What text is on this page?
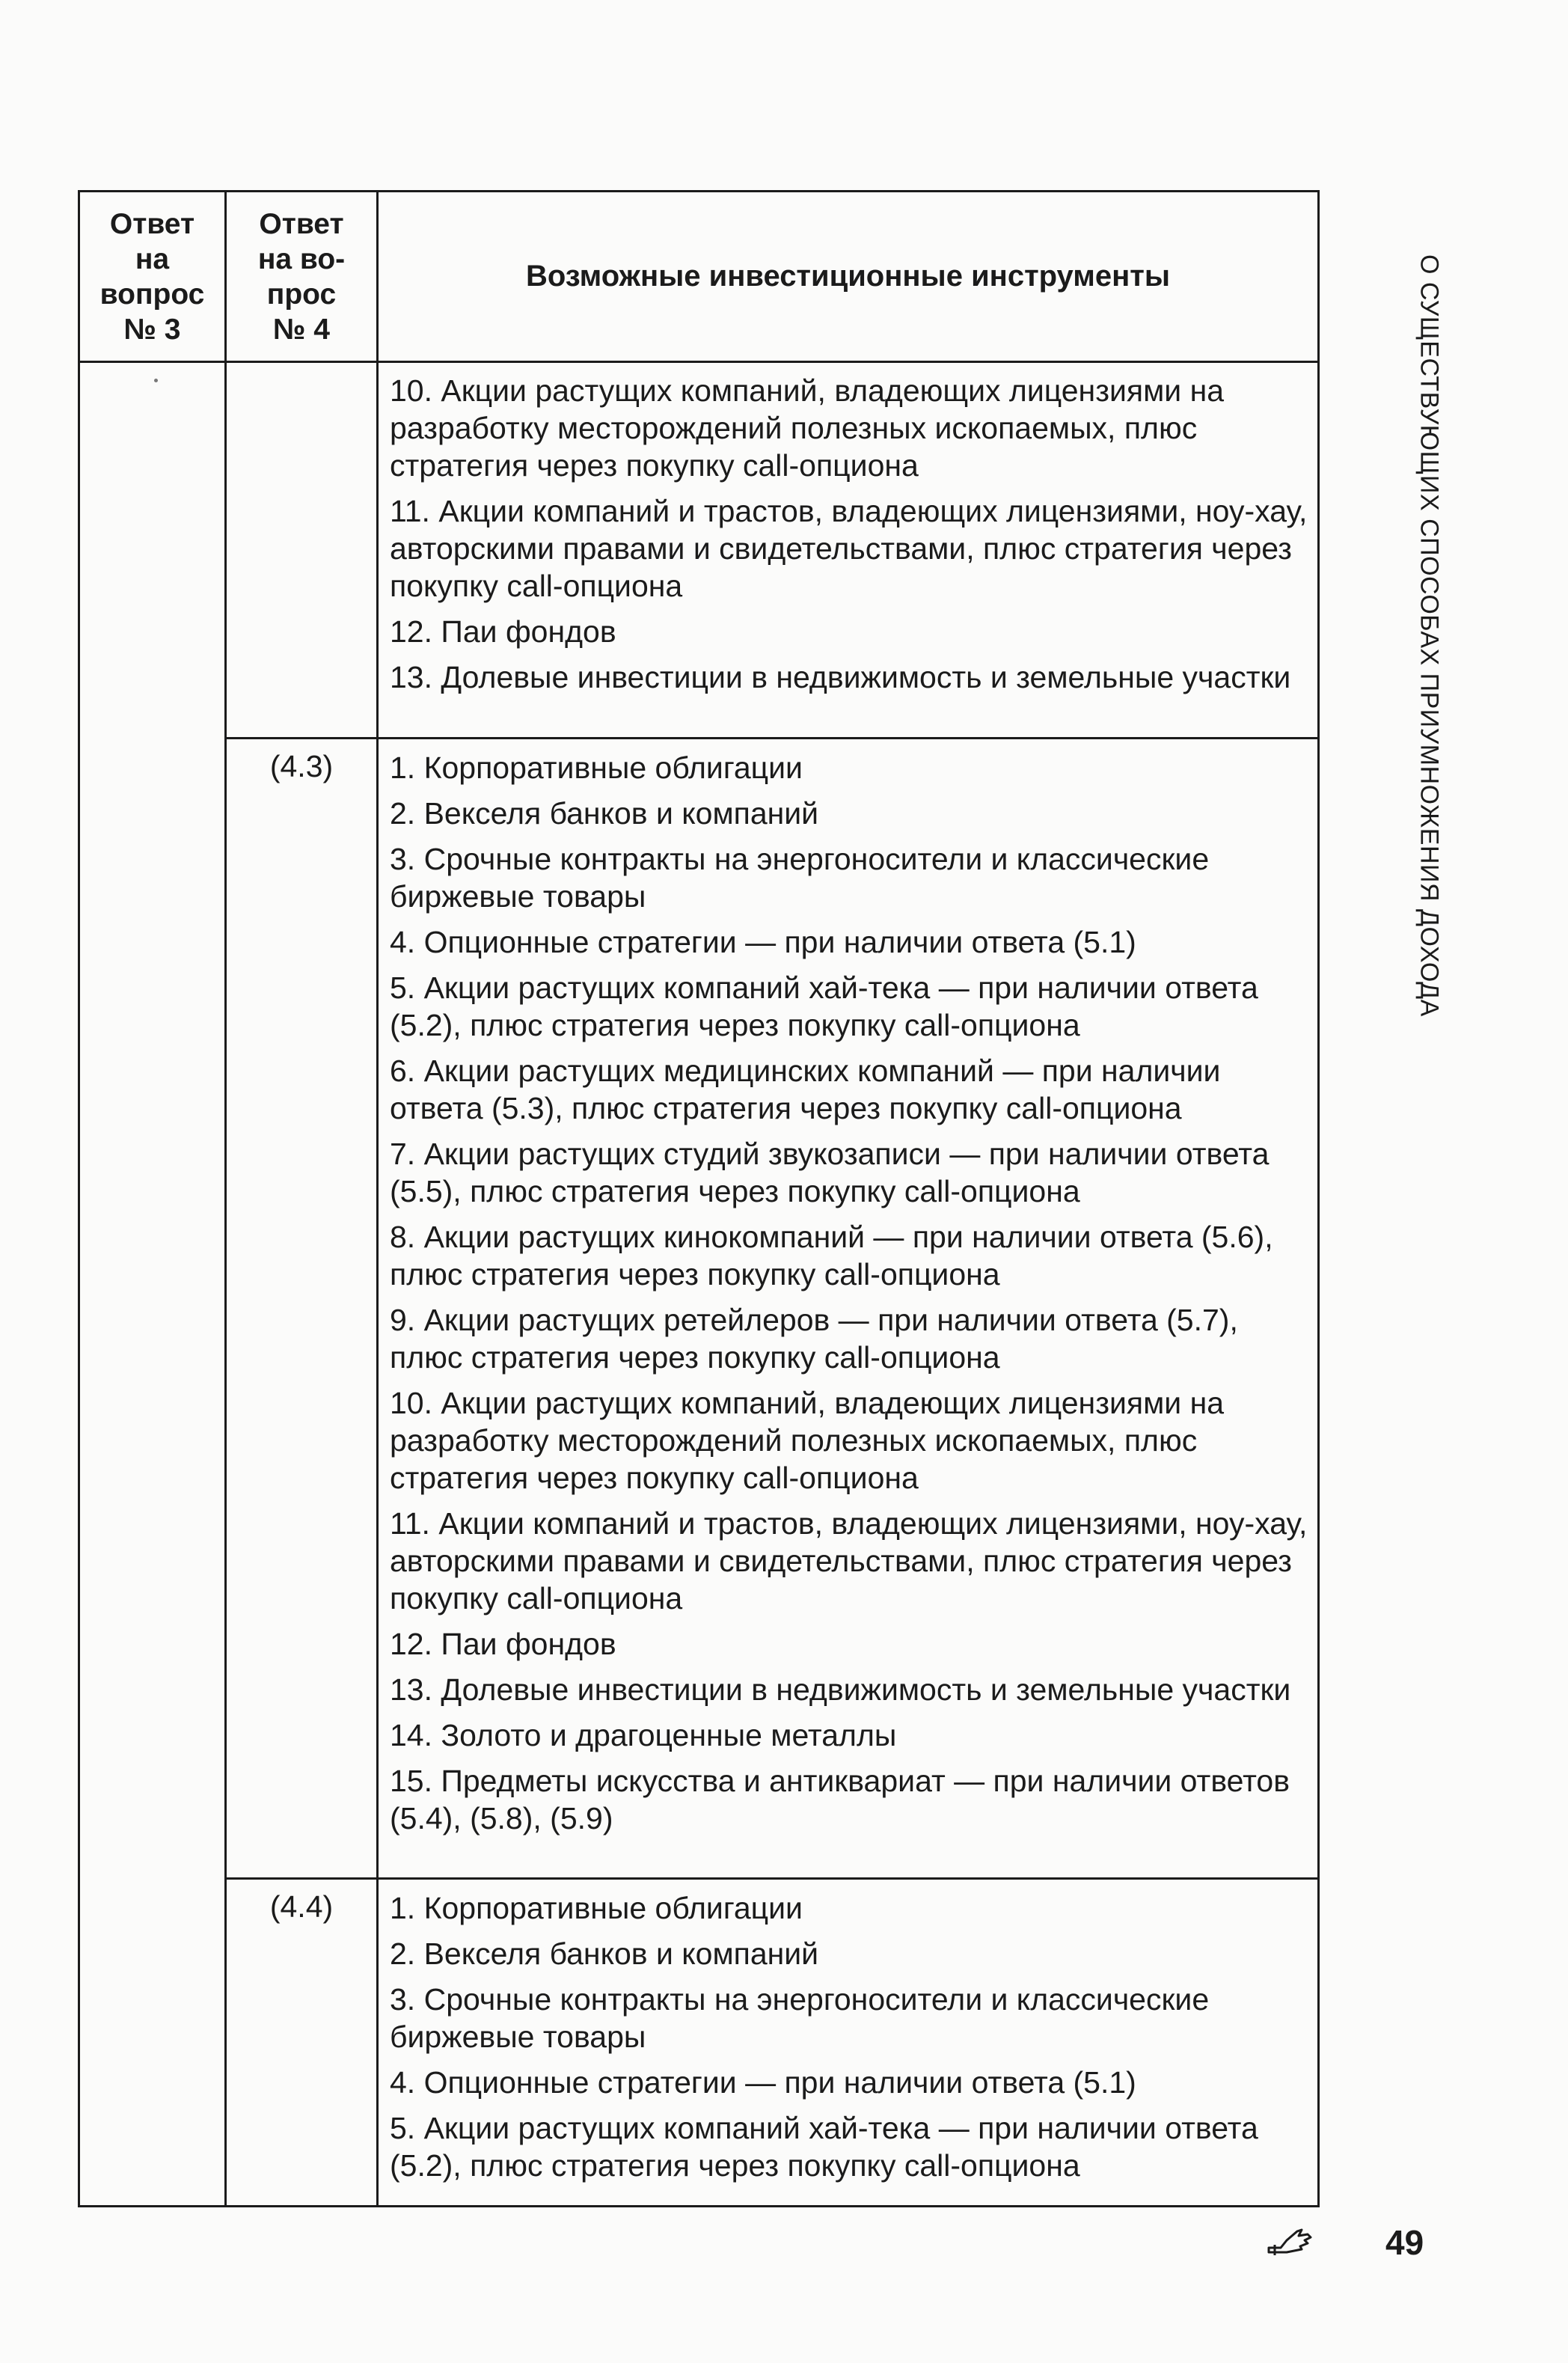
Ответ
на
вопрос
№ 3
Ответ
на во-
прос
№ 4
Возможные инвестиционные инструменты
10. Акции растущих компаний, владеющих лицензиями на разработку месторождений полезных ископаемых, плюс стратегия через покупку call-опциона
11. Акции компаний и трастов, владеющих лицензиями, ноу-хау, авторскими правами и свидетельствами, плюс стратегия через покупку call-опциона
12. Паи фондов
13. Долевые инвестиции в недвижимость и земельные участки
(4.3)	1. Корпоративные облигации
2. Векселя банков и компаний
3. Срочные контракты на энергоносители и классические биржевые товары
4. Опционные стратегии — при наличии ответа (5.1)
5. Акции растущих компаний хай-тека — при наличии ответа (5.2), плюс стратегия через покупку call-опциона
6. Акции растущих медицинских компаний — при наличии ответа (5.3), плюс стратегия через покупку call-опциона
7. Акции растущих студий звукозаписи — при наличии ответа (5.5), плюс стратегия через покупку call-опциона
8. Акции растущих кинокомпаний — при наличии ответа (5.6), плюс стратегия через покупку call-опциона
9. Акции растущих ретейлеров — при наличии ответа (5.7), плюс стратегия через покупку call-опциона
10. Акции растущих компаний, владеющих лицензиями на разработку месторождений полезных ископаемых, плюс стратегия через покупку call-опциона
11. Акции компаний и трастов, владеющих лицензиями, ноу-хау, авторскими правами и свидетельствами, плюс стратегия через покупку call-опциона
12. Паи фондов
13. Долевые инвестиции в недвижимость и земельные участки
14. Золото и драгоценные металлы
15. Предметы искусства и антиквариат — при наличии ответов (5.4), (5.8), (5.9)
(4.4)	1. Корпоративные облигации
2. Векселя банков и компаний
3. Срочные контракты на энергоносители и классические биржевые товары
4. Опционные стратегии — при наличии ответа (5.1)
5. Акции растущих компаний хай-тека — при наличии ответа (5.2), плюс стратегия через покупку call-опциона
О СУЩЕСТВУЮЩИХ СПОСОБАХ ПРИУМНОЖЕНИЯ ДОХОДА
49
